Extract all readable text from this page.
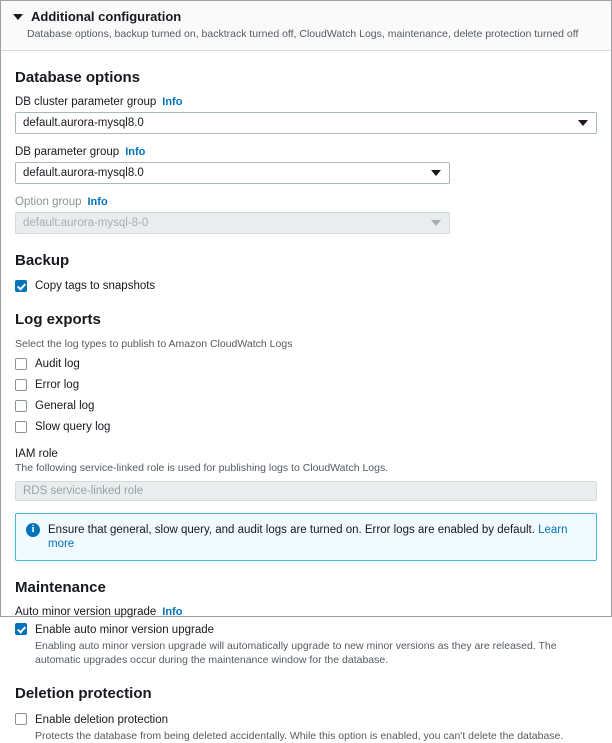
Additional configuration
Database options, backup turned on, backtrack turned off, CloudWatch Logs, maintenance, delete protection turned off
Database options
DB cluster parameter group Info
default.aurora-mysql8.0
DB parameter group Info
default.aurora-mysql8.0
Option group Info
default:aurora-mysql-8-0
Backup
Copy tags to snapshots
Log exports
Select the log types to publish to Amazon CloudWatch Logs
Audit log
Error log
General log
Slow query log
IAM role
The following service-linked role is used for publishing logs to CloudWatch Logs.
RDS service-linked role
i	Ensure that general, slow query, and audit logs are turned on. Error logs are enabled by default. Learn more
Maintenance
Auto minor version upgrade Info
Enable auto minor version upgrade
Enabling auto minor version upgrade will automatically upgrade to new minor versions as they are released. The automatic upgrades occur during the maintenance window for the database.
Deletion protection
Enable deletion protection
Protects the database from being deleted accidentally. While this option is enabled, you can't delete the database.
